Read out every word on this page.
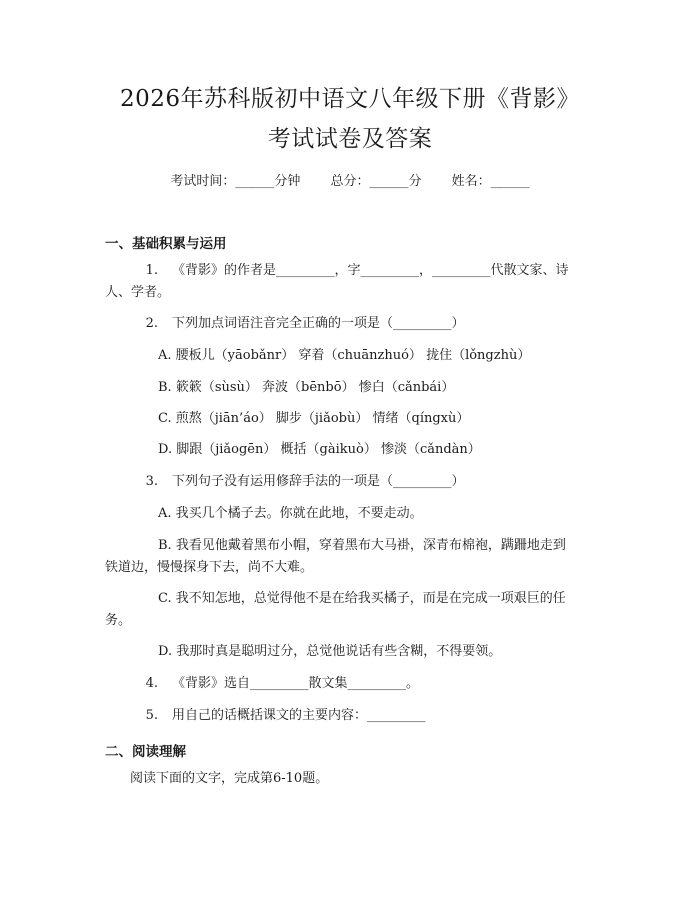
2026年苏科版初中语文八年级下册《背影》
考试试卷及答案
考试时间：______分钟 总分：______分 姓名：______
一、基础积累与运用
1. 《背影》的作者是_________，字_________，_________代散文家、诗
人、学者。
2. 下列加点词语注音完全正确的一项是（_________）
A. 腰板儿（yāobǎnr） 穿着（chuānzhuó） 拢住（lǒngzhù）
B. 簌簌（sùsù） 奔波（bēnbō） 惨白（cǎnbái）
C. 煎熬（jiān’áo） 脚步（jiǎobù） 情绪（qíngxù）
D. 脚跟（jiǎogēn） 概括（gàikuò） 惨淡（cǎndàn）
3. 下列句子没有运用修辞手法的一项是（_________）
A. 我买几个橘子去。你就在此地，不要走动。
B. 我看见他戴着黑布小帽，穿着黑布大马褂，深青布棉袍，蹒跚地走到
铁道边，慢慢探身下去，尚不大难。
C. 我不知怎地，总觉得他不是在给我买橘子，而是在完成一项艰巨的任
务。
D. 我那时真是聪明过分，总觉他说话有些含糊，不得要领。
4. 《背影》选自_________散文集_________。
5. 用自己的话概括课文的主要内容：_________
二、阅读理解
阅读下面的文字，完成第6-10题。
